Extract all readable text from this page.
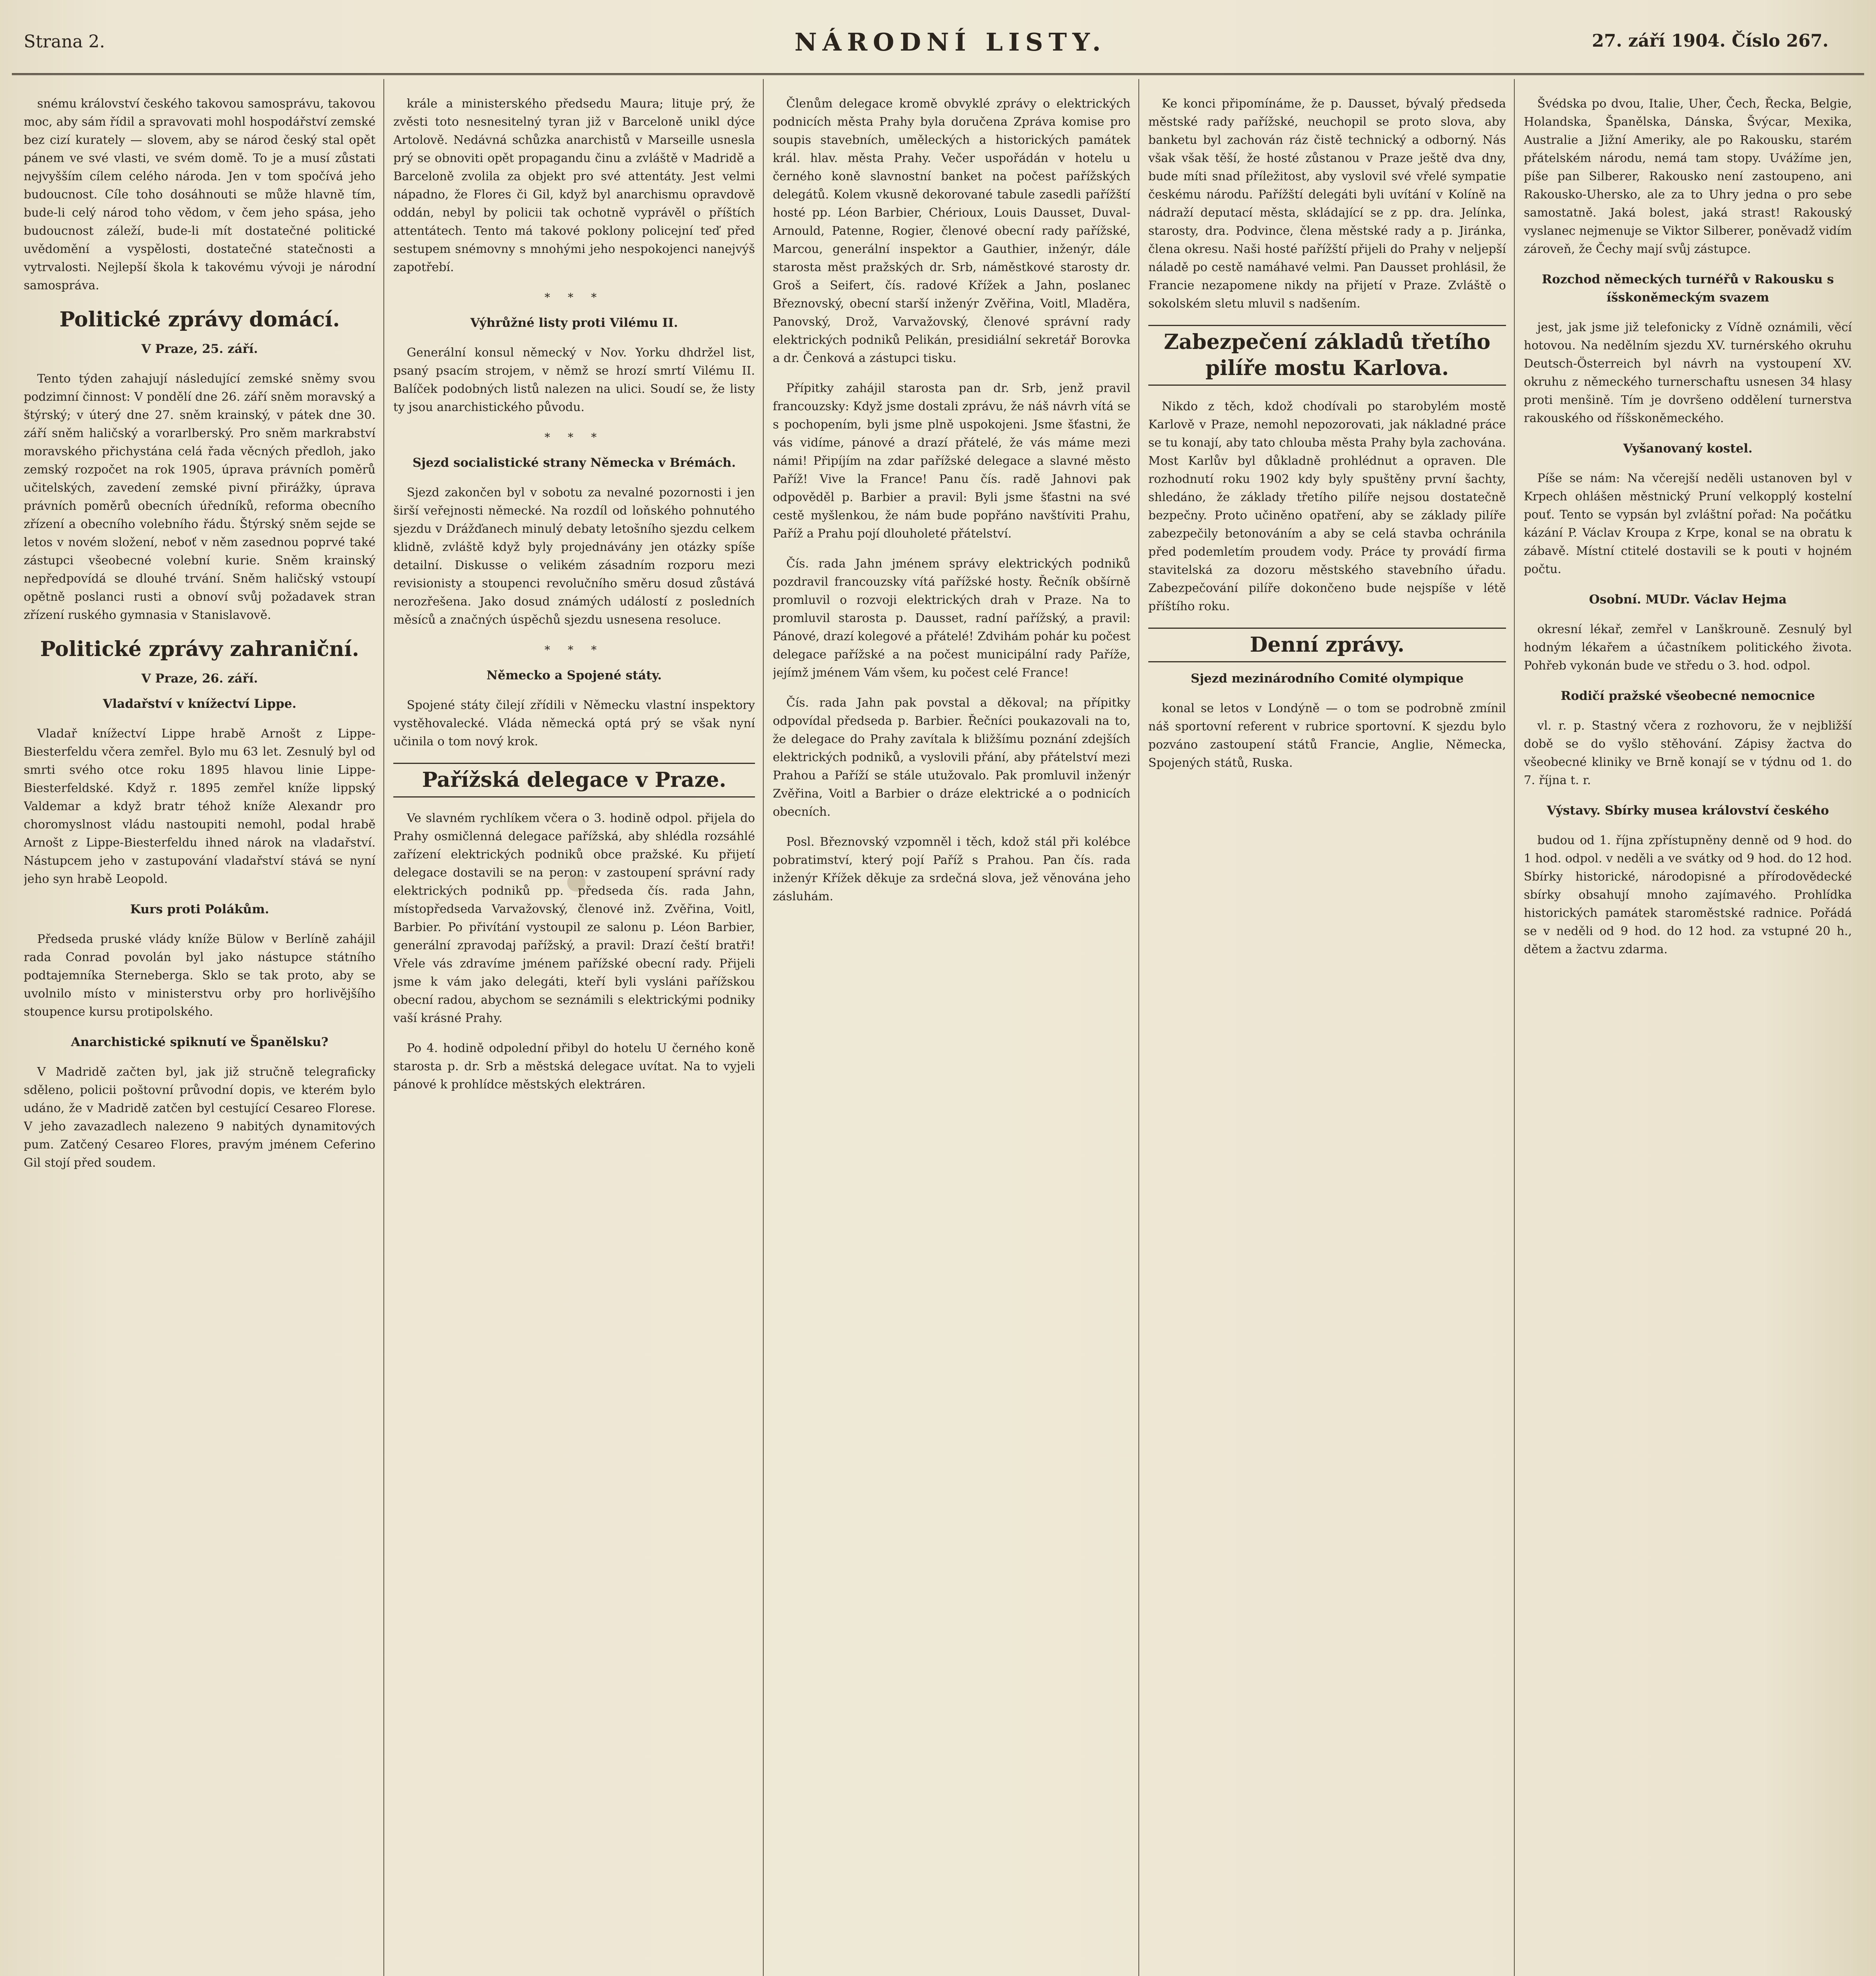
Strana 2.	NÁRODNÍ LISTY.	27. září 1904. Číslo 267.

snému království českého takovou samosprávu, takovou moc, aby sám řídil a spravovati mohl hospodářství zemské bez cizí kurately — slovem, aby se národ český stal opět pánem ve své vlasti, ve svém domě. To je a musí zůstati nejvyšším cílem celého národa. Jen v tom spočívá jeho budoucnost. Cíle toho dosáhnouti se může hlavně tím, bude-li celý národ toho vědom, v čem jeho spása, jeho budoucnost záleží, bude-li mít dostatečné politické uvědomění a vyspělosti, dostatečné statečnosti a vytrvalosti. Nejlepší škola k takovému vývoji je národní samospráva.

Politické zprávy domácí.
V Praze, 25. září.

Tento týden zahajují následující zemské sněmy svou podzimní činnost: V pondělí dne 26. září sněm moravský a štýrský; v úterý dne 27. sněm krainský, v pátek dne 30. září sněm haličský a vorarlberský. Pro sněm markrabství moravského přichystána celá řada věcných předloh, jako zemský rozpočet na rok 1905, úprava právních poměrů učitelských, zavedení zemské pivní přirážky, úprava právních poměrů obecních úředníků, reforma obecního zřízení a obecního volebního řádu. Štýrský sněm sejde se letos v novém složení, neboť v něm zasednou poprvé také zástupci všeobecné volební kurie. Sněm krainský nepředpovídá se dlouhé trvání. Sněm haličský vstoupí opětně poslanci rusti a obnoví svůj požadavek stran zřízení ruského gymnasia v Stanislavově.

Politické zprávy zahraniční.
V Praze, 26. září.
Vladařství v knížectví Lippe.

Vladař knížectví Lippe hrabě Arnošt z Lippe-Biesterfeldu včera zemřel. Bylo mu 63 let. Zesnulý byl od smrti svého otce roku 1895 hlavou linie Lippe-Biesterfeldské. Když r. 1895 zemřel kníže lippský Valdemar a když bratr téhož kníže Alexandr pro choromyslnost vládu nastoupiti nemohl, podal hrabě Arnošt z Lippe-Biesterfeldu ihned nárok na vladařství. Nástupcem jeho v zastupování vladařství stává se nyní jeho syn hrabě Leopold.

Kurs proti Polákům.

Předseda pruské vlády kníže Bülow v Berlíně zahájil rada Conrad povolán byl jako nástupce státního podtajemníka Sternebergа. Sklo se tak proto, aby se uvolnilo místo v ministerstvu orby pro horlivějšího stoupence kursu protipolského.

Anarchistické spiknutí ve Španělsku?

V Madridě začten byl, jak již stručně telegraficky sděleno, policii poštovní průvodní dopis, ve kterém bylo udáno, že v Madridě zatčen byl cestující Cesareo Florese. V jeho zavazadlech nalezeno 9 nabitých dynamitových pum. Zatčený Cesareo Flores, pravým jménem Ceferino Gil stojí před soudem.

krále a ministerského předsedu Maura; lituje prý, že zvěsti toto nesnesitelný tyran již v Barceloně unikl dýce Artolově. Nedávná schůzka anarchistů v Marseille usnesla prý se obnoviti opět propagandu činu a zvláště v Madridě a Barceloně zvolila za objekt pro své attentáty. Jest velmi nápadno, že Flores či Gil, když byl anarchismu opravdově oddán, nebyl by policii tak ochotně vyprávěl o příštích attentátech. Tento má takové poklony policejní teď před sestupem snémovny s mnohými jeho nespokojenci nanejvýš zapotřebí.

* * *
Výhrůžné listy proti Vilému II.

Generální konsul německý v Nov. Yorku dhdržel list, psaný psacím strojem, v němž se hrozí smrtí Vilému II. Balíček podobných listů nalezen na ulici. Soudí se, že listy ty jsou anarchistického původu.

* * *
Sjezd socialistické strany Německa v Brémách.

Sjezd zakončen byl v sobotu za nevalné pozornosti i jen širší veřejnosti německé. Na rozdíl od loňského pohnutého sjezdu v Drážďanech minulý debaty letošního sjezdu celkem klidně, zvláště když byly projednávány jen otázky spíše detailní. Diskusse o velikém zásadním rozporu mezi revisionisty a stoupenci revolučního směru dosud zůstává nerozřešena. Jako dosud známých událostí z posledních měsíců a značných úspěchů sjezdu usnesena resoluce.

* * *
Německo a Spojené státy.

Spojené státy čilejí zřídili v Německu vlastní inspektory vystěhovalecké. Vláda německá optá prý se však nyní učinila o tom nový krok.

Pařížská delegace v Praze.

Ve slavném rychlíkem včera o 3. hodině odpol. přijela do Prahy osmičlenná delegace pařížská, aby shlédla rozsáhlé zařízení elektrických podniků obce pražské. Ku přijetí delegace dostavili se na peron: v zastoupení správní rady elektrických podniků pp. předseda čís. rada Jahn, místopředseda Varvažovský, členové inž. Zvěřina, Voitl, Barbier. Po přivítání vystoupil ze salonu p. Léon Barbier, generální zpravodaj pařížský, a pravil: Drazí čeští bratři! Vřele vás zdravíme jménem pařížské obecní rady. Přijeli jsme k vám jako delegáti, kteří byli vysláni pařížskou obecní radou, abychom se seznámili s elektrickými podniky vaší krásné Prahy.

Po 4. hodině odpolední přibyl do hotelu U černého koně starosta p. dr. Srb a městská delegace uvítat. Na to vyjeli pánové k prohlídce městských elektráren.

Členům delegace kromě obvyklé zprávy o elektrických podnicích města Prahy byla doručena Zpráva komise pro soupis stavebních, uměleckých a historických památek král. hlav. města Prahy. Večer uspořádán v hotelu u černého koně slavnostní banket na počest pařížských delegátů. Kolem vkusně dekorované tabule zasedli pařížští hosté pp. Léon Barbier, Chérioux, Louis Dausset, Duval-Arnould, Patenne, Rogier, členové obecní rady pařížské, Marcou, generální inspektor a Gauthier, inženýr, dále starosta měst pražských dr. Srb, náměstkové starosty dr. Groš a Seifert, čís. radové Křížek a Jahn, poslanec Březnovský, obecní starší inženýr Zvěřina, Voitl, Mladěra, Panovský, Drož, Varvažovský, členové správní rady elektrických podniků Pelikán, presidiální sekretář Borovka a dr. Čenková a zástupci tisku.

Přípitky zahájil starosta pan dr. Srb, jenž pravil francouzsky: Když jsme dostali zprávu, že náš návrh vítá se s pochopením, byli jsme plně uspokojeni. Jsme šťastni, že vás vidíme, pánové a drazí přátelé, že vás máme mezi námi! Připíjím na zdar pařížské delegace a slavné město Paříž! Vive la France! Panu čís. radě Jahnovi pak odpověděl p. Barbier a pravil: Byli jsme šťastni na své cestě myšlenkou, že nám bude popřáno navštíviti Prahu, Paříž a Prahu pojí dlouholeté přátelství.

Čís. rada Jahn jménem správy elektrických podniků pozdravil francouzsky vítá pařížské hosty. Řečník obšírně promluvil o rozvoji elektrických drah v Praze. Na to promluvil starosta p. Dausset, radní pařížský, a pravil: Pánové, drazí kolegové a přátelé! Zdvihám pohár ku počest delegace pařížské a na počest municipální rady Paříže, jejímž jménem Vám všem, ku počest celé France!

Čís. rada Jahn pak povstal a děkoval; na přípitky odpovídal předseda p. Barbier. Řečníci poukazovali na to, že delegace do Prahy zavítala k bližšímu poznání zdejších elektrických podniků, a vyslovili přání, aby přátelství mezi Prahou a Paříží se stále utužovalo. Pak promluvil inženýr Zvěřina, Voitl a Barbier o dráze elektrické a o podnicích obecních.

Posl. Březnovský vzpomněl i těch, kdož stál při kolébce pobratimství, který pojí Paříž s Prahou. Pan čís. rada inženýr Křížek děkuje za srdečná slova, jež věnována jeho zásluhám.

Ke konci připomínáme, že p. Dausset, bývalý předseda městské rady pařížské, neuchopil se proto slova, aby banketu byl zachován ráz čistě technický a odborný. Nás však však těší, že hosté zůstanou v Praze ještě dva dny, bude míti snad příležitost, aby vyslovil své vřelé sympatie českému národu. Pařížští delegáti byli uvítání v Kolíně na nádraží deputací města, skládající se z pp. dra. Jelínka, starosty, dra. Podvince, člena městské rady a p. Jiránka, člena okresu. Naši hosté pařížští přijeli do Prahy v neljepší náladě po cestě namáhavé velmi. Pan Dausset prohlásil, že Francie nezapomene nikdy na přijetí v Praze. Zvláště o sokolském sletu mluvil s nadšením.

Zabezpečení základů třetího pilíře mostu Karlova.

Nikdo z těch, kdož chodívali po starobylém mostě Karlově v Praze, nemohl nepozorovati, jak nákladné práce se tu konají, aby tato chlouba města Prahy byla zachována. Most Karlův byl důkladně prohlédnut a opraven. Dle rozhodnutí roku 1902 kdy byly spuštěny první šachty, shledáno, že základy třetího pilíře nejsou dostatečně bezpečny. Proto učiněno opatření, aby se základy pilíře zabezpečily betonováním a aby se celá stavba ochránila před podemletím proudem vody. Práce ty provádí firma stavitelská za dozoru městského stavebního úřadu. Zabezpečování pilíře dokončeno bude nejspíše v létě příštího roku.

Denní zprávy.
Sjezd mezinárodního Comité olympique

konal se letos v Londýně — o tom se podrobně zmínil náš sportovní referent v rubrice sportovní. K sjezdu bylo pozváno zastoupení států Francie, Anglie, Německa, Spojených států, Ruska.

Švédska po dvou, Italie, Uher, Čech, Řecka, Belgie, Holandska, Španělska, Dánska, Švýcar, Mexika, Australie a Jižní Ameriky, ale po Rakousku, starém přátelském národu, nemá tam stopy. Uvážíme jen, píše pan Silberer, Rakousko není zastoupeno, ani Rakousko-Uhersko, ale za to Uhry jedna o pro sebe samostatně. Jaká bolest, jaká strast! Rakouský vyslanec nejmenuje se Viktor Silberer, poněvadž vidím zároveň, že Čechy mají svůj zástupce.

Rozchod německých turnéřů v Rakousku s íšskoněmeckým svazem

jest, jak jsme již telefonicky z Vídně oznámili, věcí hotovou. Na nedělním sjezdu XV. turnérského okruhu Deutsch-Österreich byl návrh na vystoupení XV. okruhu z německého turnerschaftu usnesen 34 hlasy proti menšině. Tím je dovršeno oddělení turnerstva rakouského od říšskoněmeckého.

Vyšanovaný kostel.

Píše se nám: Na včerejší neděli ustanoven byl v Krpech ohlášen městnický Pruní velkopplý kostelní pouť. Tento se vypsán byl zvláštní pořad: Na počátku kázání P. Václav Kroupa z Krpe, konal se na obratu k zábavě. Místní ctitelé dostavili se k pouti v hojném počtu.

Osobní. MUDr. Václav Hejma

okresní lékař, zemřel v Lanškrouně. Zesnulý byl hodným lékařem a účastníkem politického života. Pohřeb vykonán bude ve středu o 3. hod. odpol.

Rodičí pražské všeobecné nemocnice

vl. r. p. Stastný včera z rozhovoru, že v nejbližší době se do vyšlo stěhování. Zápisy žactva do všeobecné kliniky ve Brně konají se v týdnu od 1. do 7. října t. r.

Výstavy. Sbírky musea království českého

budou od 1. října zpřístupněny denně od 9 hod. do 1 hod. odpol. v neděli a ve svátky od 9 hod. do 12 hod. Sbírky historické, národopisné a přírodovědecké sbírky obsahují mnoho zajímavého. Prohlídka historických památek staroměstské radnice. Pořádá se v neděli od 9 hod. do 12 hod. za vstupné 20 h., dětem a žactvu zdarma.
